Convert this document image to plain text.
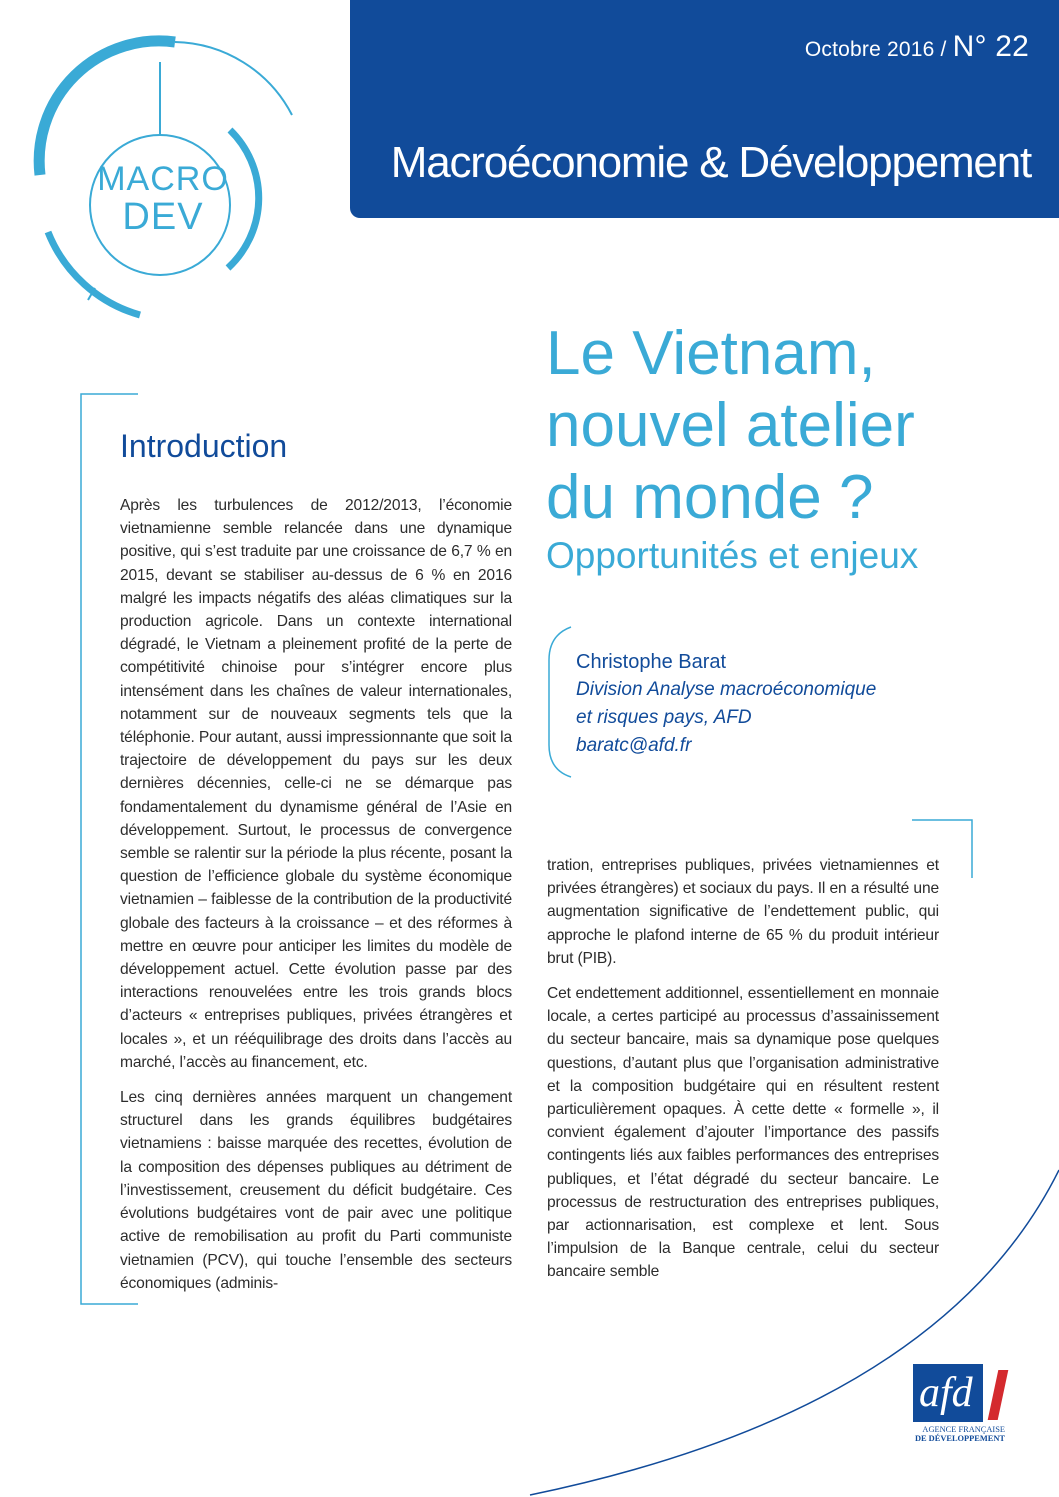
Octobre 2016 / N° 22
Macroéconomie & Développement
MACRO
DEV
Le Vietnam,
nouvel atelier
du monde ?
Opportunités et enjeux
Christophe Barat
Division Analyse macroéconomique
et risques pays, AFD
baratc@afd.fr
Introduction

Après les turbulences de 2012/2013, l’économie vietnamienne semble relancée dans une dynamique positive, qui s’est traduite par une croissance de 6,7 % en 2015, devant se stabiliser au-dessus de 6 % en 2016 malgré les impacts négatifs des aléas climatiques sur la production agricole. Dans un contexte international dégradé, le Vietnam a pleinement profité de la perte de compétitivité chinoise pour s’intégrer encore plus intensément dans les chaînes de valeur internationales, notamment sur de nouveaux segments tels que la téléphonie. Pour autant, aussi impressionnante que soit la trajectoire de développement du pays sur les deux dernières décennies, celle-ci ne se démarque pas fondamentalement du dynamisme général de l’Asie en développement. Surtout, le processus de convergence semble se ralentir sur la période la plus récente, posant la question de l’efficience globale du système économique vietnamien – faiblesse de la contribution de la productivité globale des facteurs à la croissance – et des réformes à mettre en œuvre pour anticiper les limites du modèle de développement actuel. Cette évolution passe par des interactions renouvelées entre les trois grands blocs d’acteurs « entreprises publiques, privées étrangères et locales », et un rééquilibrage des droits dans l’accès au marché, l’accès au financement, etc.

Les cinq dernières années marquent un changement structurel dans les grands équilibres budgétaires vietnamiens : baisse marquée des recettes, évolution de la composition des dépenses publiques au détriment de l’investissement, creusement du déficit budgétaire. Ces évolutions budgétaires vont de pair avec une politique active de remobilisation au profit du Parti communiste vietnamien (PCV), qui touche l’ensemble des secteurs économiques (adminis-

tration, entreprises publiques, privées vietnamiennes et privées étrangères) et sociaux du pays. Il en a résulté une augmentation significative de l’endettement public, qui approche le plafond interne de 65 % du produit intérieur brut (PIB).

Cet endettement additionnel, essentiellement en monnaie locale, a certes participé au processus d’assainissement du secteur bancaire, mais sa dynamique pose quelques questions, d’autant plus que l’organisation administrative et la composition budgétaire qui en résultent restent particulièrement opaques. À cette dette « formelle », il convient également d’ajouter l’importance des passifs contingents liés aux faibles performances des entreprises publiques, et l’état dégradé du secteur bancaire. Le processus de restructuration des entreprises publiques, par actionnarisation, est complexe et lent. Sous l’impulsion de la Banque centrale, celui du secteur bancaire semble

afd
AGENCE FRANÇAISE
DE DÉVELOPPEMENT
